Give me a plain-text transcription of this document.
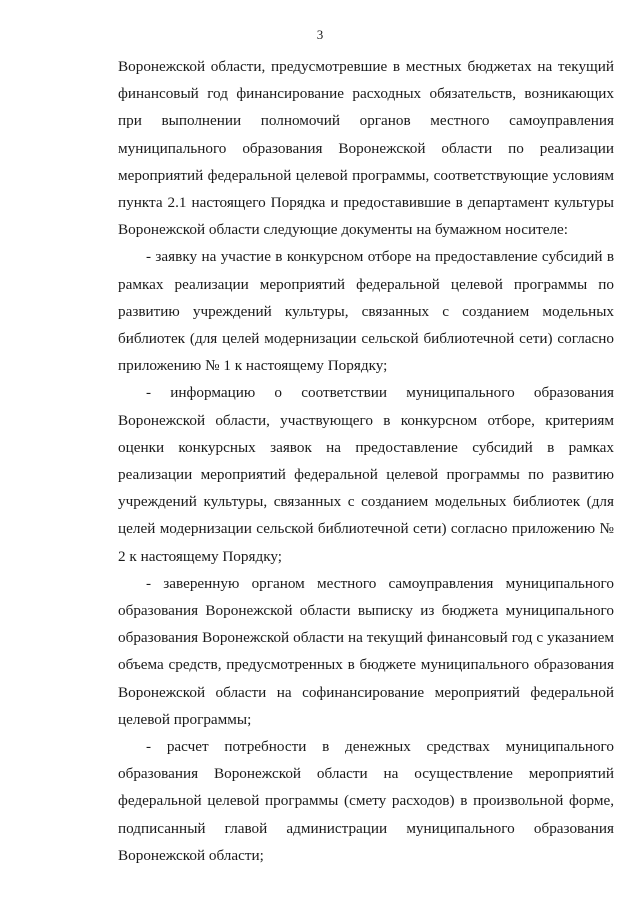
3

Воронежской области, предусмотревшие в местных бюджетах на текущий финансовый год финансирование расходных обязательств, возникающих при выполнении полномочий органов местного самоуправления муниципального образования Воронежской области по реализации мероприятий федеральной целевой программы, соответствующие условиям пункта 2.1 настоящего Порядка и предоставившие в департамент культуры Воронежской области следующие документы на бумажном носителе:

- заявку на участие в конкурсном отборе на предоставление субсидий в рамках реализации мероприятий федеральной целевой программы по развитию учреждений культуры, связанных с созданием модельных библиотек (для целей модернизации сельской библиотечной сети) согласно приложению № 1 к настоящему Порядку;

- информацию о соответствии муниципального образования Воронежской области, участвующего в конкурсном отборе, критериям оценки конкурсных заявок на предоставление субсидий в рамках реализации мероприятий федеральной целевой программы по развитию учреждений культуры, связанных с созданием модельных библиотек (для целей модернизации сельской библиотечной сети) согласно приложению № 2 к настоящему Порядку;

- заверенную органом местного самоуправления муниципального образования Воронежской области выписку из бюджета муниципального образования Воронежской области на текущий финансовый год с указанием объема средств, предусмотренных в бюджете муниципального образования Воронежской области на софинансирование мероприятий федеральной целевой программы;

- расчет потребности в денежных средствах муниципального образования Воронежской области на осуществление мероприятий федеральной целевой программы (смету расходов) в произвольной форме, подписанный главой администрации муниципального образования Воронежской области;
